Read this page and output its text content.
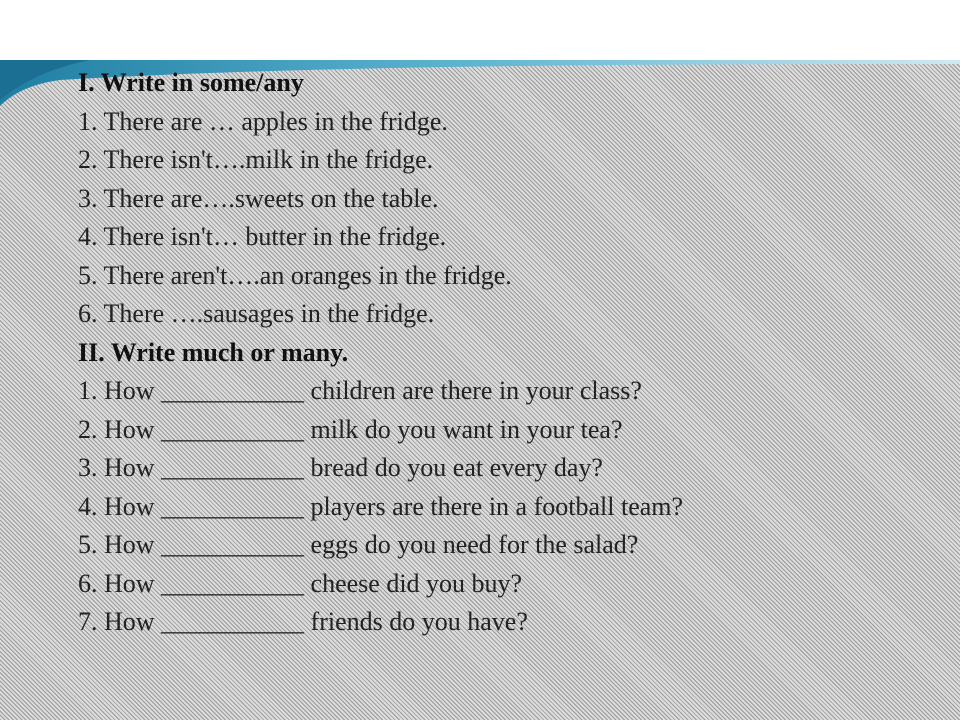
I. Write in some/any
1. There are … apples in the fridge.
2. There isn't….milk in the fridge.
3. There are….sweets on the table.
4. There isn't… butter in the fridge.
5. There aren't….an oranges in the fridge.
6. There ….sausages in the fridge.
II. Write much or many.
1. How ___________ children are there in your class?
2. How ___________ milk do you want in your tea?
3. How ___________ bread do you eat every day?
4. How ___________ players are there in a football team?
5. How ___________ eggs do you need for the salad?
6. How ___________ cheese did you buy?
7. How ___________ friends do you have?
